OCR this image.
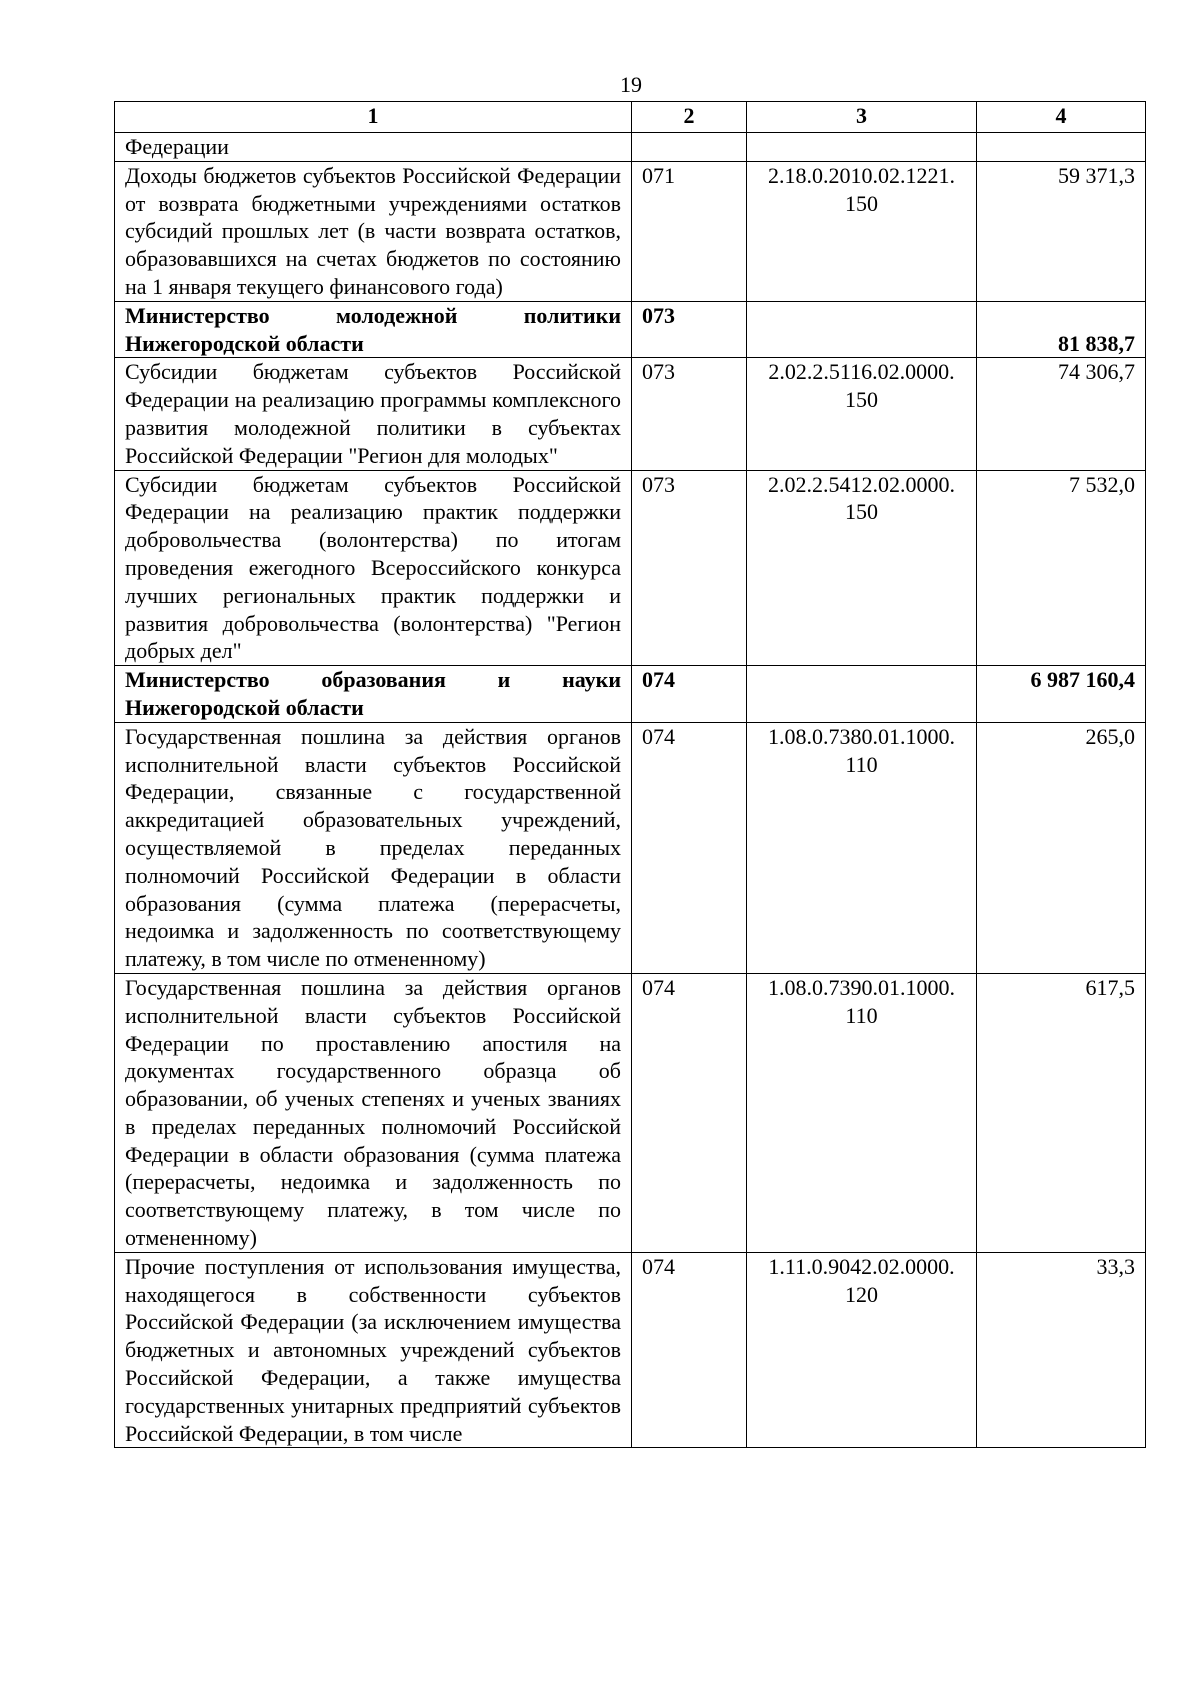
19
1	2	3	4
Федерации			
Доходы бюджетов субъектов Российской Федерации от возврата бюджетными учреждениями остатков субсидий прошлых лет (в части возврата остатков, образовавшихся на счетах бюджетов по состоянию на 1 января текущего финансового года)	071	2.18.0.2010.02.1221. 150	59 371,3
Министерство молодежной политики Нижегородской области	073		81 838,7
Субсидии бюджетам субъектов Российской Федерации на реализацию программы комплексного развития молодежной политики в субъектах Российской Федерации "Регион для молодых"	073	2.02.2.5116.02.0000. 150	74 306,7
Субсидии бюджетам субъектов Российской Федерации на реализацию практик поддержки добровольчества (волонтерства) по итогам проведения ежегодного Всероссийского конкурса лучших региональных практик поддержки и развития добровольчества (волонтерства) "Регион добрых дел"	073	2.02.2.5412.02.0000. 150	7 532,0
Министерство образования и науки Нижегородской области	074		6 987 160,4
Государственная пошлина за действия органов исполнительной власти субъектов Российской Федерации, связанные с государственной аккредитацией образовательных учреждений, осуществляемой в пределах переданных полномочий Российской Федерации в области образования (сумма платежа (перерасчеты, недоимка и задолженность по соответствующему платежу, в том числе по отмененному)	074	1.08.0.7380.01.1000. 110	265,0
Государственная пошлина за действия органов исполнительной власти субъектов Российской Федерации по проставлению апостиля на документах государственного образца об образовании, об ученых степенях и ученых званиях в пределах переданных полномочий Российской Федерации в области образования (сумма платежа (перерасчеты, недоимка и задолженность по соответствующему платежу, в том числе по отмененному)	074	1.08.0.7390.01.1000. 110	617,5
Прочие поступления от использования имущества, находящегося в собственности субъектов Российской Федерации (за исключением имущества бюджетных и автономных учреждений субъектов Российской Федерации, а также имущества государственных унитарных предприятий субъектов Российской Федерации, в том числе	074	1.11.0.9042.02.0000. 120	33,3
